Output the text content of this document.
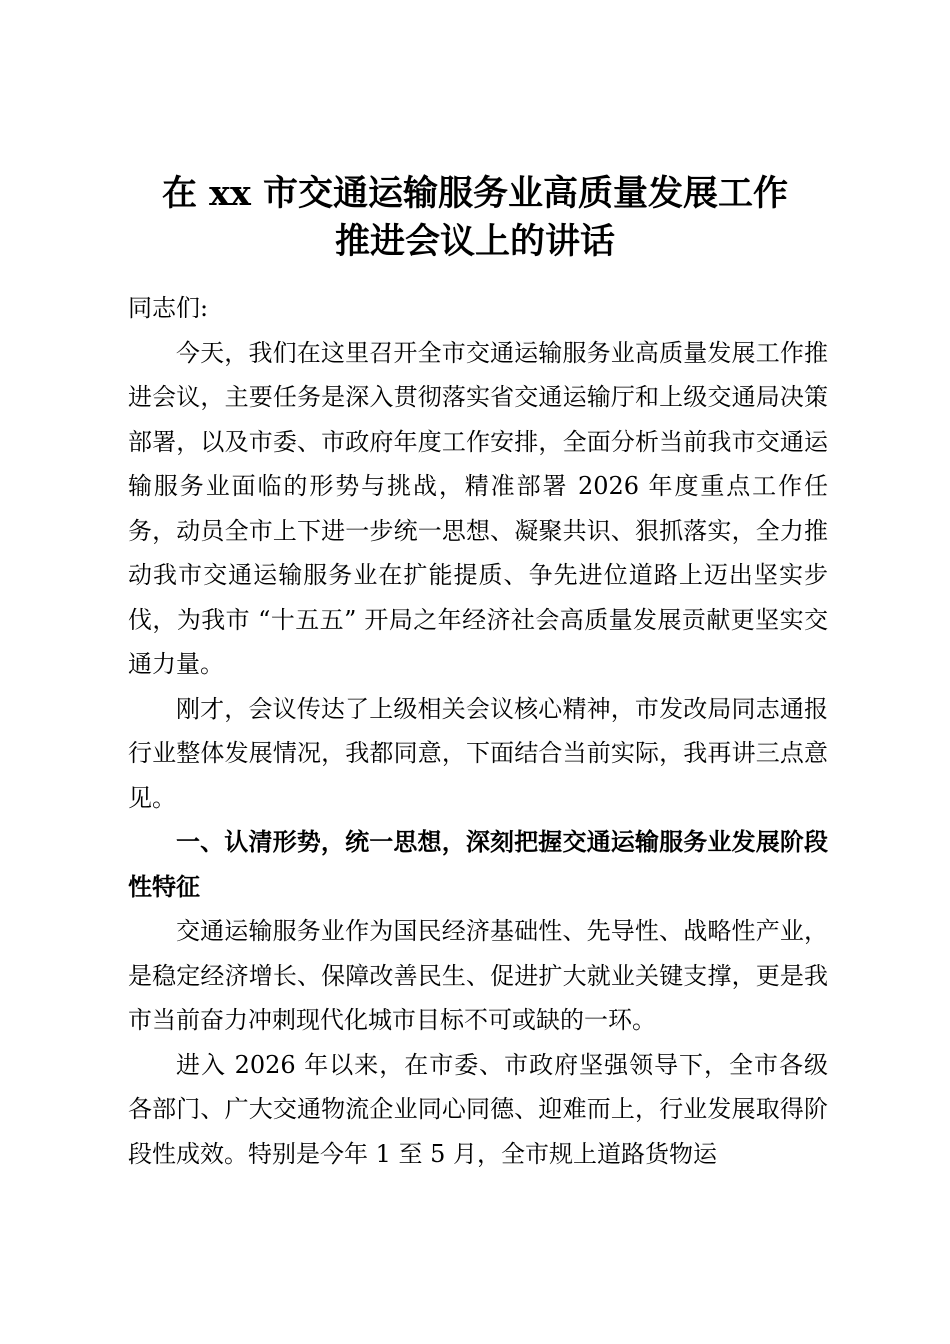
在 xx 市交通运输服务业高质量发展工作
推进会议上的讲话

同志们:

今天，我们在这里召开全市交通运输服务业高质量发展工作推进会议，主要任务是深入贯彻落实省交通运输厅和上级交通局决策部署，以及市委、市政府年度工作安排，全面分析当前我市交通运输服务业面临的形势与挑战，精准部署 2026 年度重点工作任务，动员全市上下进一步统一思想、凝聚共识、狠抓落实，全力推动我市交通运输服务业在扩能提质、争先进位道路上迈出坚实步伐，为我市 “十五五” 开局之年经济社会高质量发展贡献更坚实交通力量。

刚才，会议传达了上级相关会议核心精神，市发改局同志通报行业整体发展情况，我都同意，下面结合当前实际，我再讲三点意见。

一、认清形势，统一思想，深刻把握交通运输服务业发展阶段性特征

交通运输服务业作为国民经济基础性、先导性、战略性产业，是稳定经济增长、保障改善民生、促进扩大就业关键支撑，更是我市当前奋力冲刺现代化城市目标不可或缺的一环。

进入 2026 年以来，在市委、市政府坚强领导下，全市各级各部门、广大交通物流企业同心同德、迎难而上，行业发展取得阶段性成效。特别是今年 1 至 5 月，全市规上道路货物运
